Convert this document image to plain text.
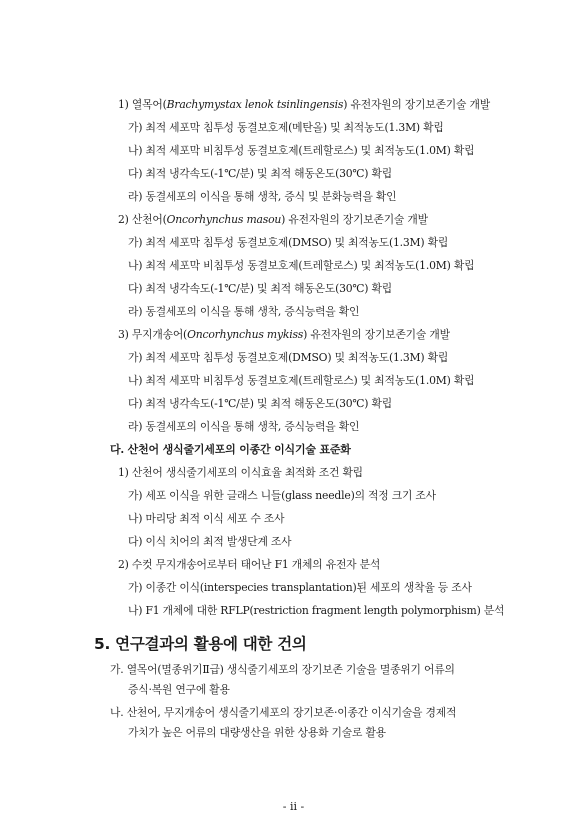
1) 열목어(Brachymystax lenok tsinlingensis) 유전자원의 장기보존기술 개발
가) 최적 세포막 침투성 동결보호제(메탄올) 및 최적농도(1.3M) 확립
나) 최적 세포막 비침투성 동결보호제(트레할로스) 및 최적농도(1.0M) 확립
다) 최적 냉각속도(-1℃/분) 및 최적 해동온도(30℃) 확립
라) 동결세포의 이식을 통해 생착, 증식 및 분화능력을 확인
2) 산천어(Oncorhynchus masou) 유전자원의 장기보존기술 개발
가) 최적 세포막 침투성 동결보호제(DMSO) 및 최적농도(1.3M) 확립
나) 최적 세포막 비침투성 동결보호제(트레할로스) 및 최적농도(1.0M) 확립
다) 최적 냉각속도(-1℃/분) 및 최적 해동온도(30℃) 확립
라) 동결세포의 이식을 통해 생착, 증식능력을 확인
3) 무지개송어(Oncorhynchus mykiss) 유전자원의 장기보존기술 개발
가) 최적 세포막 침투성 동결보호제(DMSO) 및 최적농도(1.3M) 확립
나) 최적 세포막 비침투성 동결보호제(트레할로스) 및 최적농도(1.0M) 확립
다) 최적 냉각속도(-1℃/분) 및 최적 해동온도(30℃) 확립
라) 동결세포의 이식을 통해 생착, 증식능력을 확인
다. 산천어 생식줄기세포의 이종간 이식기술 표준화
1) 산천어 생식줄기세포의 이식효율 최적화 조건 확립
가) 세포 이식을 위한 글래스 니들(glass needle)의 적정 크기 조사
나) 마리당 최적 이식 세포 수 조사
다) 이식 치어의 최적 발생단계 조사
2) 수컷 무지개송어로부터 태어난 F1 개체의 유전자 분석
가) 이종간 이식(interspecies transplantation)된 세포의 생착율 등 조사
나) F1 개체에 대한 RFLP(restriction fragment length polymorphism) 분석
5. 연구결과의 활용에 대한 건의
가. 열목어(멸종위기Ⅱ급) 생식줄기세포의 장기보존 기술을 멸종위기 어류의
증식·복원 연구에 활용
나. 산천어, 무지개송어 생식줄기세포의 장기보존·이종간 이식기술을 경제적
가치가 높은 어류의 대량생산을 위한 상용화 기술로 활용
- ii -
